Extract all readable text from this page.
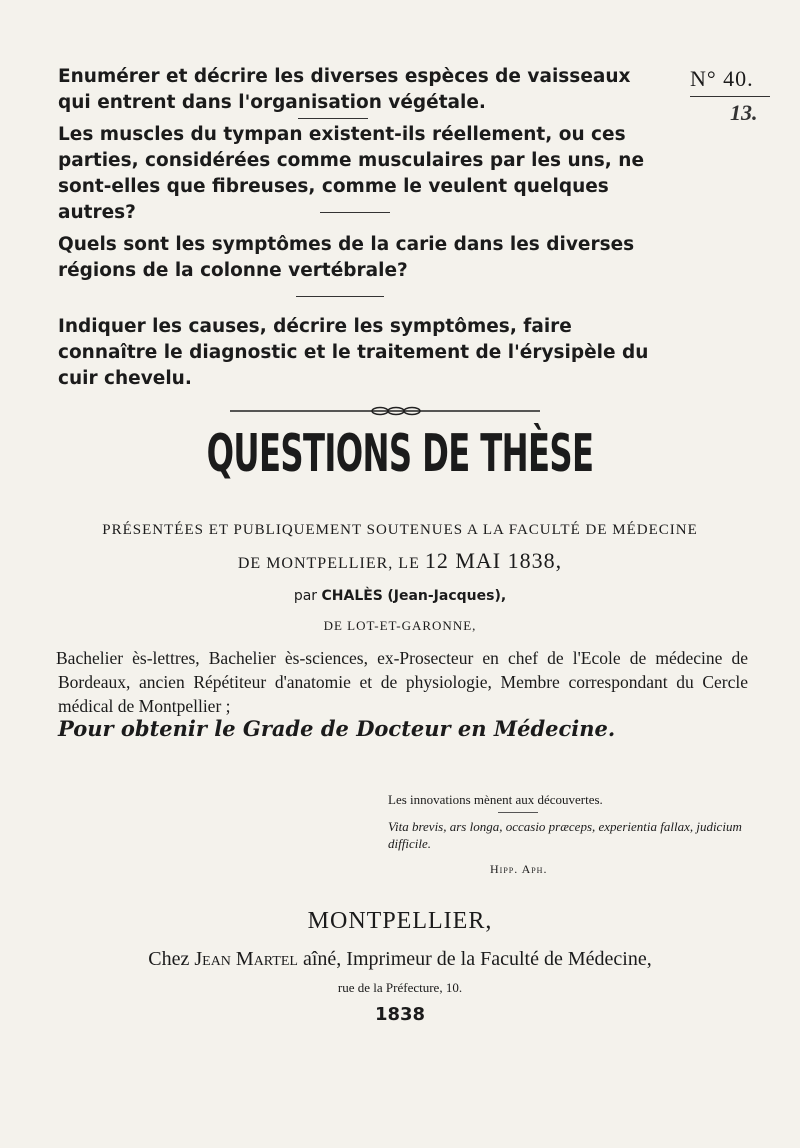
N° 40.
13.
Enumérer et décrire les diverses espèces de vaisseaux qui entrent dans l'organisation végétale.
Les muscles du tympan existent-ils réellement, ou ces parties, considérées comme musculaires par les uns, ne sont-elles que fibreuses, comme le veulent quelques autres?
Quels sont les symptômes de la carie dans les diverses régions de la colonne vertébrale?
Indiquer les causes, décrire les symptômes, faire connaître le diagnostic et le traitement de l'érysipèle du cuir chevelu.
QUESTIONS DE THÈSE
PRÉSENTÉES ET PUBLIQUEMENT SOUTENUES A LA FACULTÉ DE MÉDECINE
DE MONTPELLIER, LE 12 MAI 1838,
par CHALÈS (Jean-Jacques),
DE LOT-ET-GARONNE,
Bachelier ès-lettres, Bachelier ès-sciences, ex-Prosecteur en chef de l'Ecole de médecine de Bordeaux, ancien Répétiteur d'anatomie et de physiologie, Membre correspondant du Cercle médical de Montpellier ;
Pour obtenir le Grade de Docteur en Médecine.
Les innovations mènent aux découvertes.
Vita brevis, ars longa, occasio præceps, experientia fallax, judicium difficile.
Hipp. Aph.
MONTPELLIER,
Chez Jean Martel aîné, Imprimeur de la Faculté de Médecine,
rue de la Préfecture, 10.
1838
